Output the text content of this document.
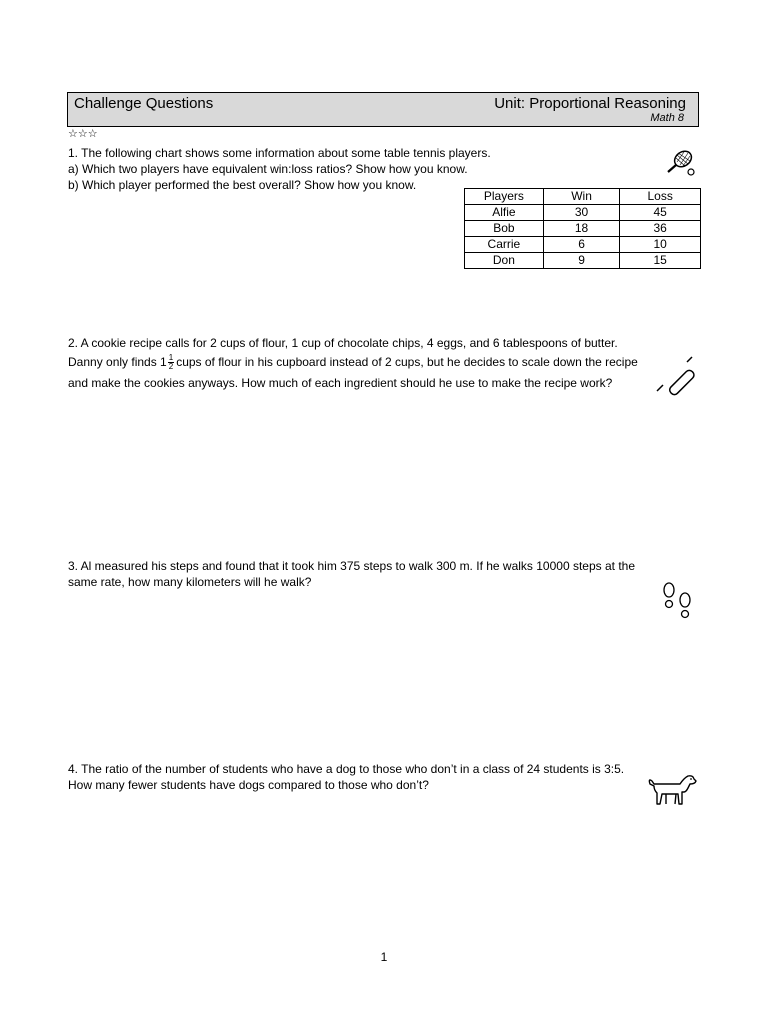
Challenge Questions	Unit: Proportional Reasoning
Math 8
☆☆☆
1. The following chart shows some information about some table tennis players.
a) Which two players have equivalent win:loss ratios? Show how you know.
b) Which player performed the best overall? Show how you know.
Players	Win	Loss
Alfie	30	45
Bob	18	36
Carrie	6	10
Don	9	15
2. A cookie recipe calls for 2 cups of flour, 1 cup of chocolate chips, 4 eggs, and 6 tablespoons of butter.
Danny only finds $1 \frac{1}{2}$ cups of flour in his cupboard instead of 2 cups, but he decides to scale down the recipe
and make the cookies anyways. How much of each ingredient should he use to make the recipe work?
3. Al measured his steps and found that it took him 375 steps to walk 300 m. If he walks 10000 steps at the
same rate, how many kilometers will he walk?
4. The ratio of the number of students who have a dog to those who don’t in a class of 24 students is 3:5.
How many fewer students have dogs compared to those who don’t?
1
